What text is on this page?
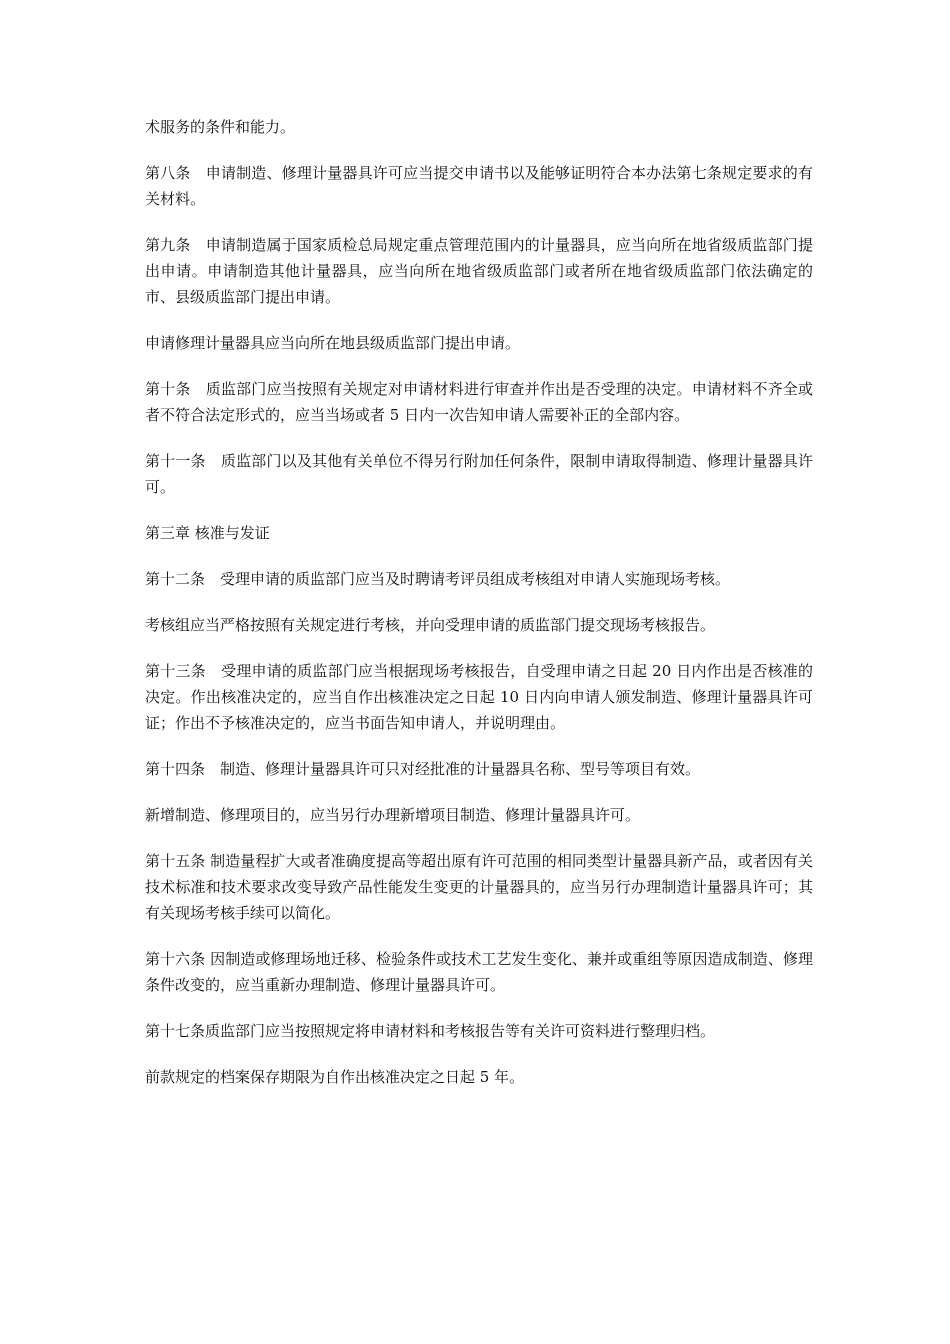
术服务的条件和能力。

第八条　申请制造、修理计量器具许可应当提交申请书以及能够证明符合本办法第七条规定要求的有关材料。

第九条　申请制造属于国家质检总局规定重点管理范围内的计量器具，应当向所在地省级质监部门提出申请。申请制造其他计量器具，应当向所在地省级质监部门或者所在地省级质监部门依法确定的市、县级质监部门提出申请。

申请修理计量器具应当向所在地县级质监部门提出申请。

第十条　质监部门应当按照有关规定对申请材料进行审查并作出是否受理的决定。申请材料不齐全或者不符合法定形式的，应当当场或者 5 日内一次告知申请人需要补正的全部内容。

第十一条　质监部门以及其他有关单位不得另行附加任何条件，限制申请取得制造、修理计量器具许可。

第三章 核准与发证

第十二条　受理申请的质监部门应当及时聘请考评员组成考核组对申请人实施现场考核。

考核组应当严格按照有关规定进行考核，并向受理申请的质监部门提交现场考核报告。

第十三条　受理申请的质监部门应当根据现场考核报告，自受理申请之日起 20 日内作出是否核准的决定。作出核准决定的，应当自作出核准决定之日起 10 日内向申请人颁发制造、修理计量器具许可证；作出不予核准决定的，应当书面告知申请人，并说明理由。

第十四条　制造、修理计量器具许可只对经批准的计量器具名称、型号等项目有效。

新增制造、修理项目的，应当另行办理新增项目制造、修理计量器具许可。

第十五条 制造量程扩大或者准确度提高等超出原有许可范围的相同类型计量器具新产品，或者因有关技术标准和技术要求改变导致产品性能发生变更的计量器具的，应当另行办理制造计量器具许可；其有关现场考核手续可以简化。

第十六条 因制造或修理场地迁移、检验条件或技术工艺发生变化、兼并或重组等原因造成制造、修理条件改变的，应当重新办理制造、修理计量器具许可。

第十七条质监部门应当按照规定将申请材料和考核报告等有关许可资料进行整理归档。

前款规定的档案保存期限为自作出核准决定之日起 5 年。
